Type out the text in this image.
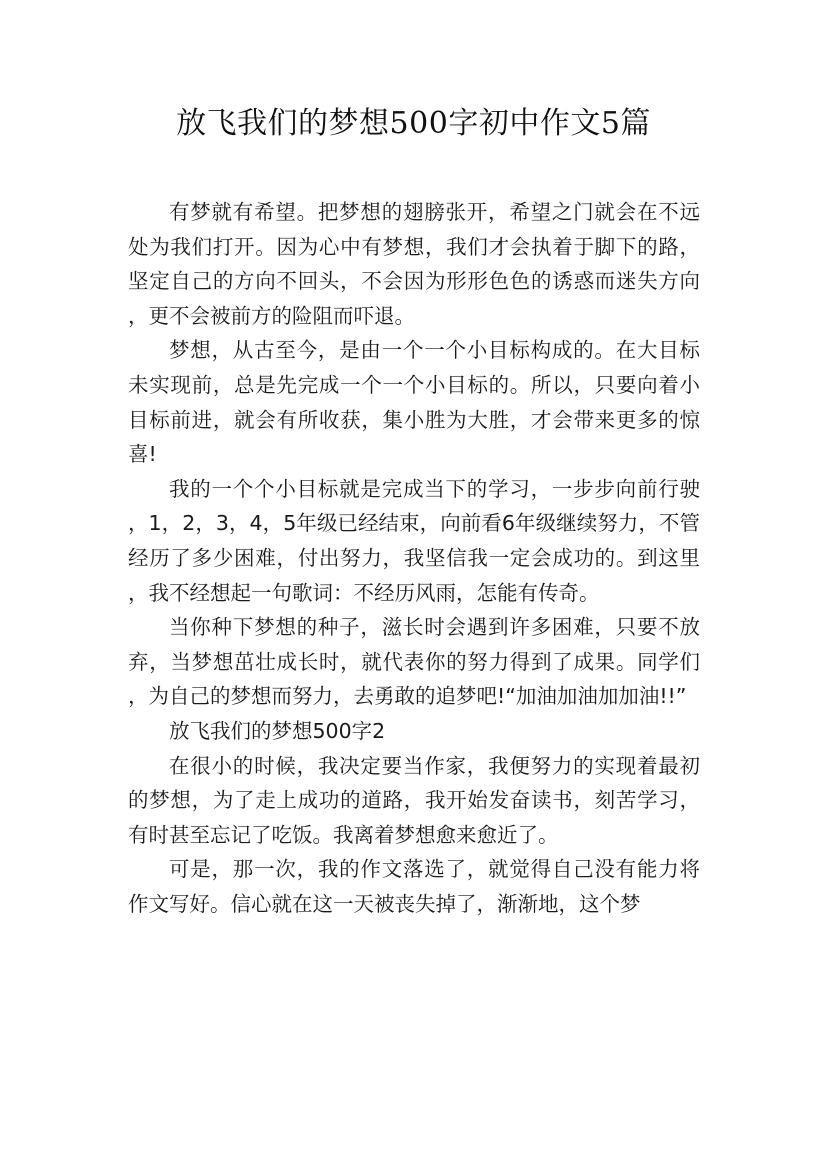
放飞我们的梦想500字初中作文5篇

有梦就有希望。把梦想的翅膀张开，希望之门就会在不远处为我们打开。因为心中有梦想，我们才会执着于脚下的路，坚定自己的方向不回头，不会因为形形色色的诱惑而迷失方向，更不会被前方的险阻而吓退。

梦想，从古至今，是由一个一个小目标构成的。在大目标未实现前，总是先完成一个一个小目标的。所以，只要向着小目标前进，就会有所收获，集小胜为大胜，才会带来更多的惊喜!

我的一个个小目标就是完成当下的学习，一步步向前行驶，1，2，3，4，5年级已经结束，向前看6年级继续努力，不管经历了多少困难，付出努力，我坚信我一定会成功的。到这里，我不经想起一句歌词：不经历风雨，怎能有传奇。

当你种下梦想的种子，滋长时会遇到许多困难，只要不放弃，当梦想茁壮成长时，就代表你的努力得到了成果。同学们，为自己的梦想而努力，去勇敢的追梦吧!“加油加油加加油!!”

放飞我们的梦想500字2

在很小的时候，我决定要当作家，我便努力的实现着最初的梦想，为了走上成功的道路，我开始发奋读书，刻苦学习，有时甚至忘记了吃饭。我离着梦想愈来愈近了。

可是，那一次，我的作文落选了，就觉得自己没有能力将作文写好。信心就在这一天被丧失掉了，渐渐地，这个梦
